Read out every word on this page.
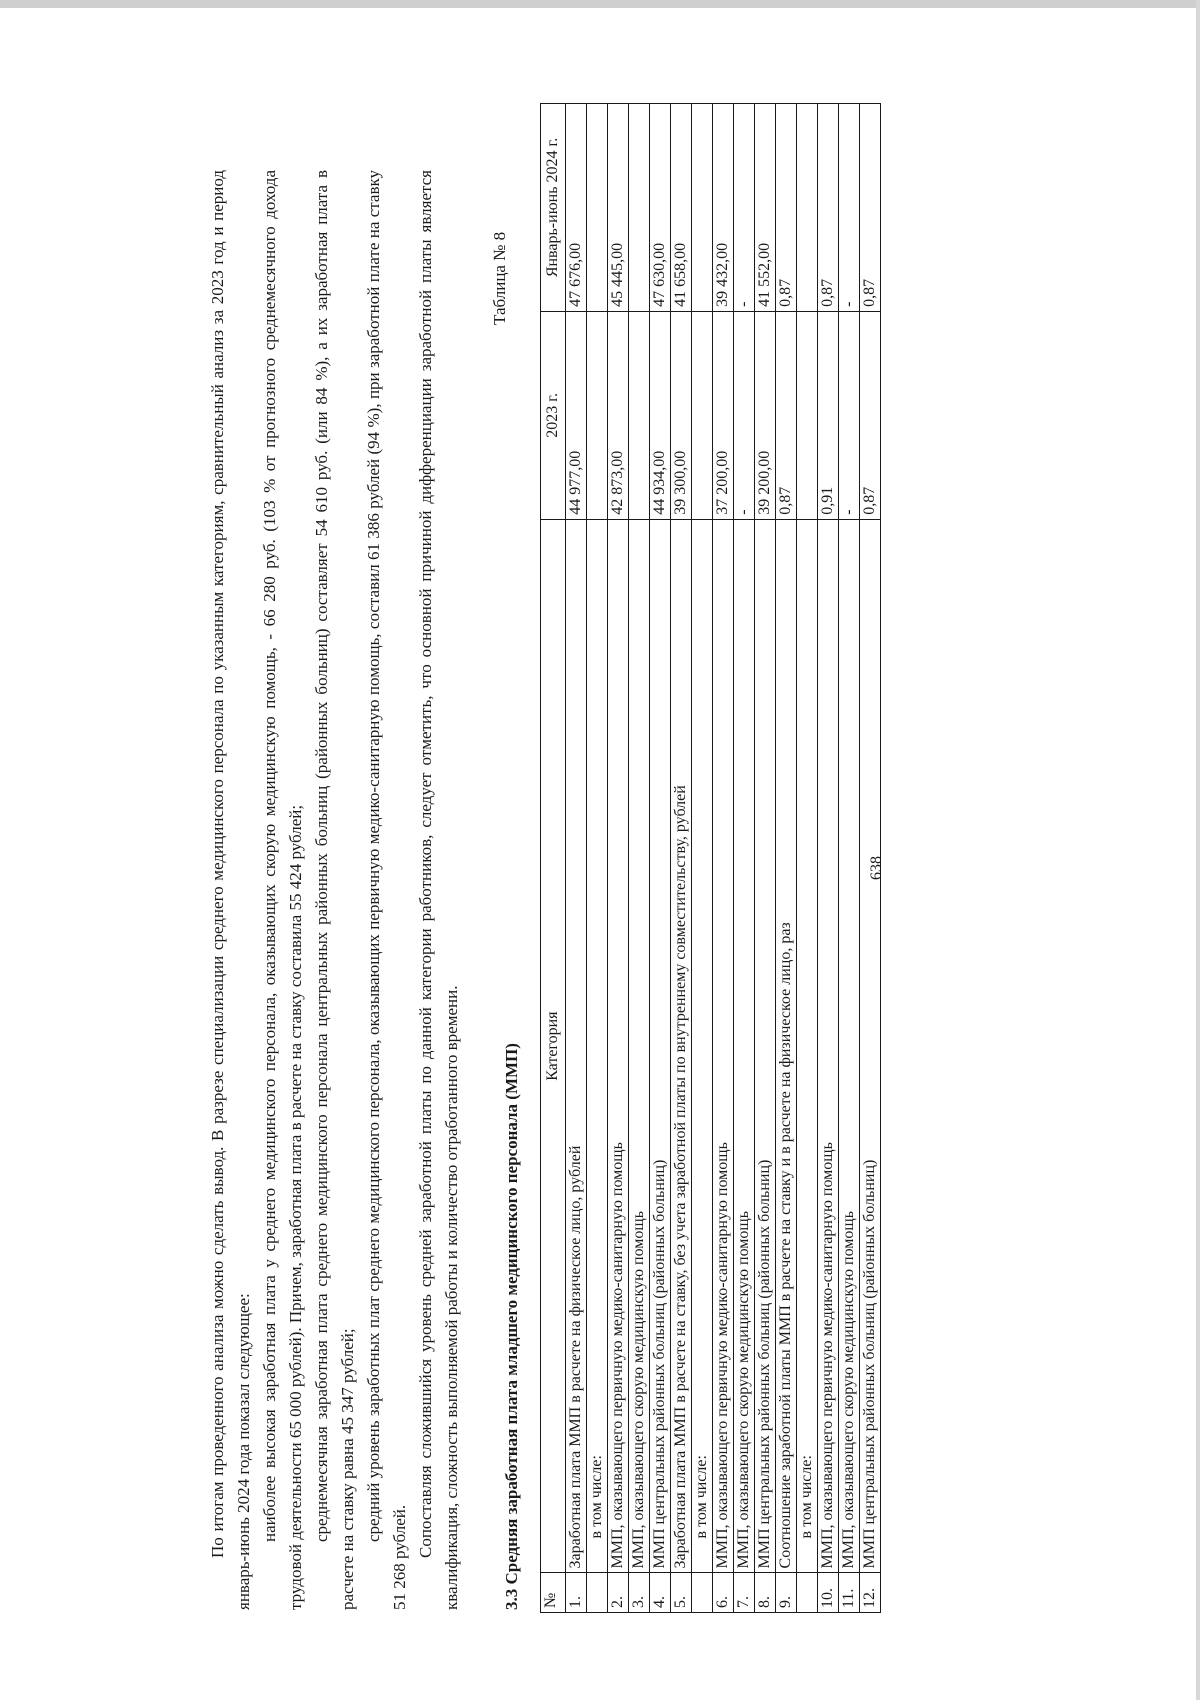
638

По итогам проведенного анализа можно сделать вывод. В разрезе специализации среднего медицинского персонала по указанным категориям, сравнительный анализ за 2023 год и период январь-июнь 2024 года показал следующее: наиболее высокая заработная плата у среднего медицинского персонала, оказывающих скорую медицинскую помощь, - 66 280 руб. (103 % от прогнозного среднемесячного дохода трудовой деятельности 65 000 рублей). Причем, заработная плата в расчете на ставку составила 55 424 рублей; среднемесячная заработная плата среднего медицинского персонала центральных районных больниц (районных больниц) составляет 54 610 руб. (или 84 %), а их заработная плата в расчете на ставку равна 45 347 рублей; средний уровень заработных плат среднего медицинского персонала, оказывающих первичную медико-санитарную помощь, составил 61 386 рублей (94 %), при заработной плате на ставку 51 268 рублей. Сопоставляя сложившийся уровень средней заработной платы по данной категории работников, следует отметить, что основной причиной дифференциации заработной платы является квалификация, сложность выполняемой работы и количество отработанного времени.

Таблица № 8
3.3 Средняя заработная плата младшего медицинского персонала (ММП) №	Категория	2023 г.	Январь-июнь 2024 г.
1.	Заработная плата ММП в расчете на физическое лицо, рублей	44 977,00	47 676,00
	в том числе:		
2.	ММП, оказывающего первичную медико-санитарную помощь	42 873,00	45 445,00
3.	ММП, оказывающего скорую медицинскую помощь		
4.	ММП центральных районных больниц (районных больниц)	44 934,00	47 630,00
5.	Заработная плата ММП в расчете на ставку, без учета заработной платы по внутреннему совместительству, рублей	39 300,00	41 658,00
	в том числе:		
6.	ММП, оказывающего первичную медико-санитарную помощь	37 200,00	39 432,00
7.	ММП, оказывающего скорую медицинскую помощь	-	-
8.	ММП центральных районных больниц (районных больниц)	39 200,00	41 552,00
9.	Соотношение заработной платы ММП в расчете на ставку и в расчете на физическое лицо, раз	0,87	0,87
	в том числе:		
10.	ММП, оказывающего первичную медико-санитарную помощь	0,91	0,87
11.	ММП, оказывающего скорую медицинскую помощь	-	-
12.	ММП центральных районных больниц (районных больниц)	0,87	0,87
